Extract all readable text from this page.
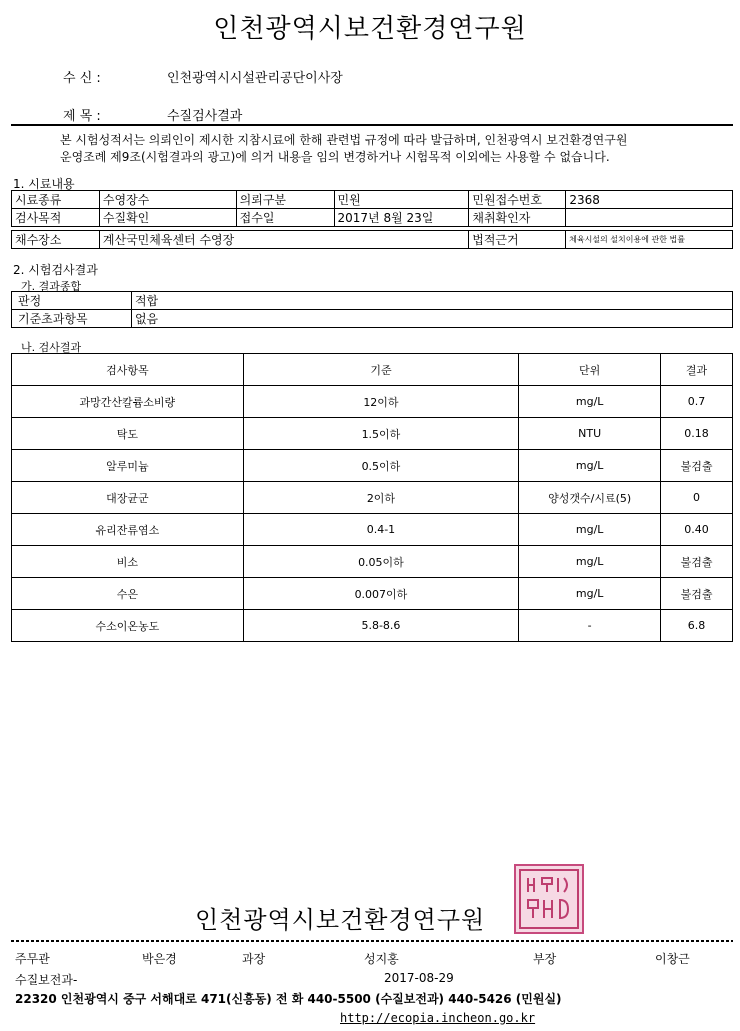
인천광역시보건환경연구원
수 신 :	인천광역시시설관리공단이사장
제 목 :	수질검사결과
본 시험성적서는 의뢰인이 제시한 지참시료에 한해 관련법 규정에 따라 발급하며, 인천광역시 보건환경연구원
운영조례 제9조(시험결과의 광고)에 의거 내용을 임의 변경하거나 시험목적 이외에는 사용할 수 없습니다.
1. 시료내용
시료종류	수영장수	의뢰구분	민원	민원접수번호	2368
검사목적	수질확인	접수일	2017년 8월 23일	채취확인자	
채수장소	계산국민체육센터 수영장	법적근거	체육시설의 설치이용에 관한 법률
2. 시험검사결과
가. 결과종합
판정	적합
기준초과항목	없음
나. 검사결과
검사항목	기준	단위	결과
과망간산칼륨소비량	12이하	mg/L	0.7
탁도	1.5이하	NTU	0.18
알루미늄	0.5이하	mg/L	불검출
대장균군	2이하	양성갯수/시료(5)	0
유리잔류염소	0.4-1	mg/L	0.40
비소	0.05이하	mg/L	불검출
수은	0.007이하	mg/L	불검출
수소이온농도	5.8-8.6	-	6.8
인천광역시보건환경연구원
주무관	박은경	과장	성지홍	부장	이창근
수질보전과-	2017-08-29
22320 인천광역시 중구 서해대로 471(신흥동) 전 화 440-5500 (수질보전과) 440-5426 (민원실)
http://ecopia.incheon.go.kr
